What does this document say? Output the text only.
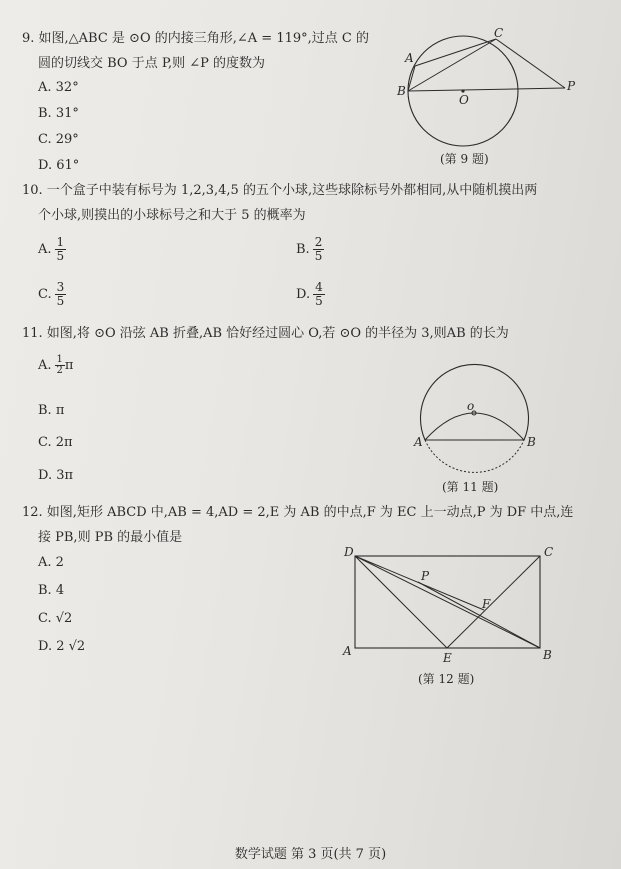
9. 如图,△ABC 是 ⊙O 的内接三角形,∠A = 119°,过点 C 的
圆的切线交 BO 于点 P,则 ∠P 的度数为
A. 32°
B. 31°
C. 29°
D. 61°
A
B
C
O
P
(第 9 题)
10. 一个盒子中装有标号为 1,2,3,4,5 的五个小球,这些球除标号外都相同,从中随机摸出两
个小球,则摸出的小球标号之和大于 5 的概率为
A. $\frac{1}{5}$	B. $\frac{2}{5}$
C. $\frac{3}{5}$	D. $\frac{4}{5}$
11. 如图,将 ⊙O 沿弦 AB 折叠,AB 恰好经过圆心 O,若 ⊙O 的半径为 3,则AB 的长为
A. $\frac{1}{2}$ π
B. π
C. 2π
D. 3π
A	B
o
(第 11 题)
12. 如图,矩形 ABCD 中,AB = 4,AD = 2,E 为 AB 的中点,F 为 EC 上一动点,P 为 DF 中点,连
接 PB,则 PB 的最小值是
A. 2
B. 4
C. √2
D. 2 √2
D	C
A	B
E
F
P
(第 12 题)
数学试题 第 3 页(共 7 页)
